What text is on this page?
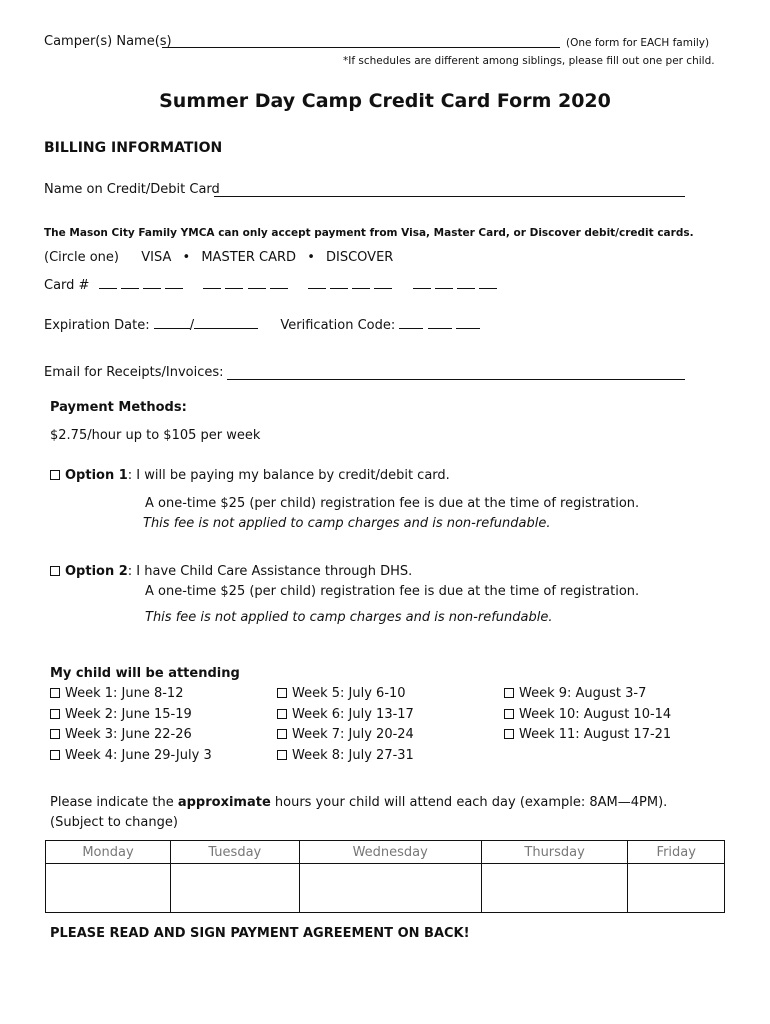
Camper(s) Name(s)	(One form for EACH family)
*If schedules are different among siblings, please fill out one per child.
Summer Day Camp Credit Card Form 2020
BILLING INFORMATION
Name on Credit/Debit Card
The Mason City Family YMCA can only accept payment from Visa, Master Card, or Discover debit/credit cards.
(Circle one) VISA • MASTER CARD • DISCOVER
Card #
Expiration Date:	/	Verification Code:
Email for Receipts/Invoices:
Payment Methods:
$2.75/hour up to $105 per week
Option 1: I will be paying my balance by credit/debit card.
A one-time $25 (per child) registration fee is due at the time of registration.
This fee is not applied to camp charges and is non-refundable.
Option 2: I have Child Care Assistance through DHS.
A one-time $25 (per child) registration fee is due at the time of registration.
This fee is not applied to camp charges and is non-refundable.
My child will be attending
Week 1: June 8-12
Week 2: June 15-19
Week 3: June 22-26
Week 4: June 29-July 3
Week 5: July 6-10
Week 6: July 13-17
Week 7: July 20-24
Week 8: July 27-31
Week 9: August 3-7
Week 10: August 10-14
Week 11: August 17-21
Please indicate the approximate hours your child will attend each day (example: 8AM—4PM).
(Subject to change)
Monday	Tuesday	Wednesday	Thursday	Friday

PLEASE READ AND SIGN PAYMENT AGREEMENT ON BACK!
